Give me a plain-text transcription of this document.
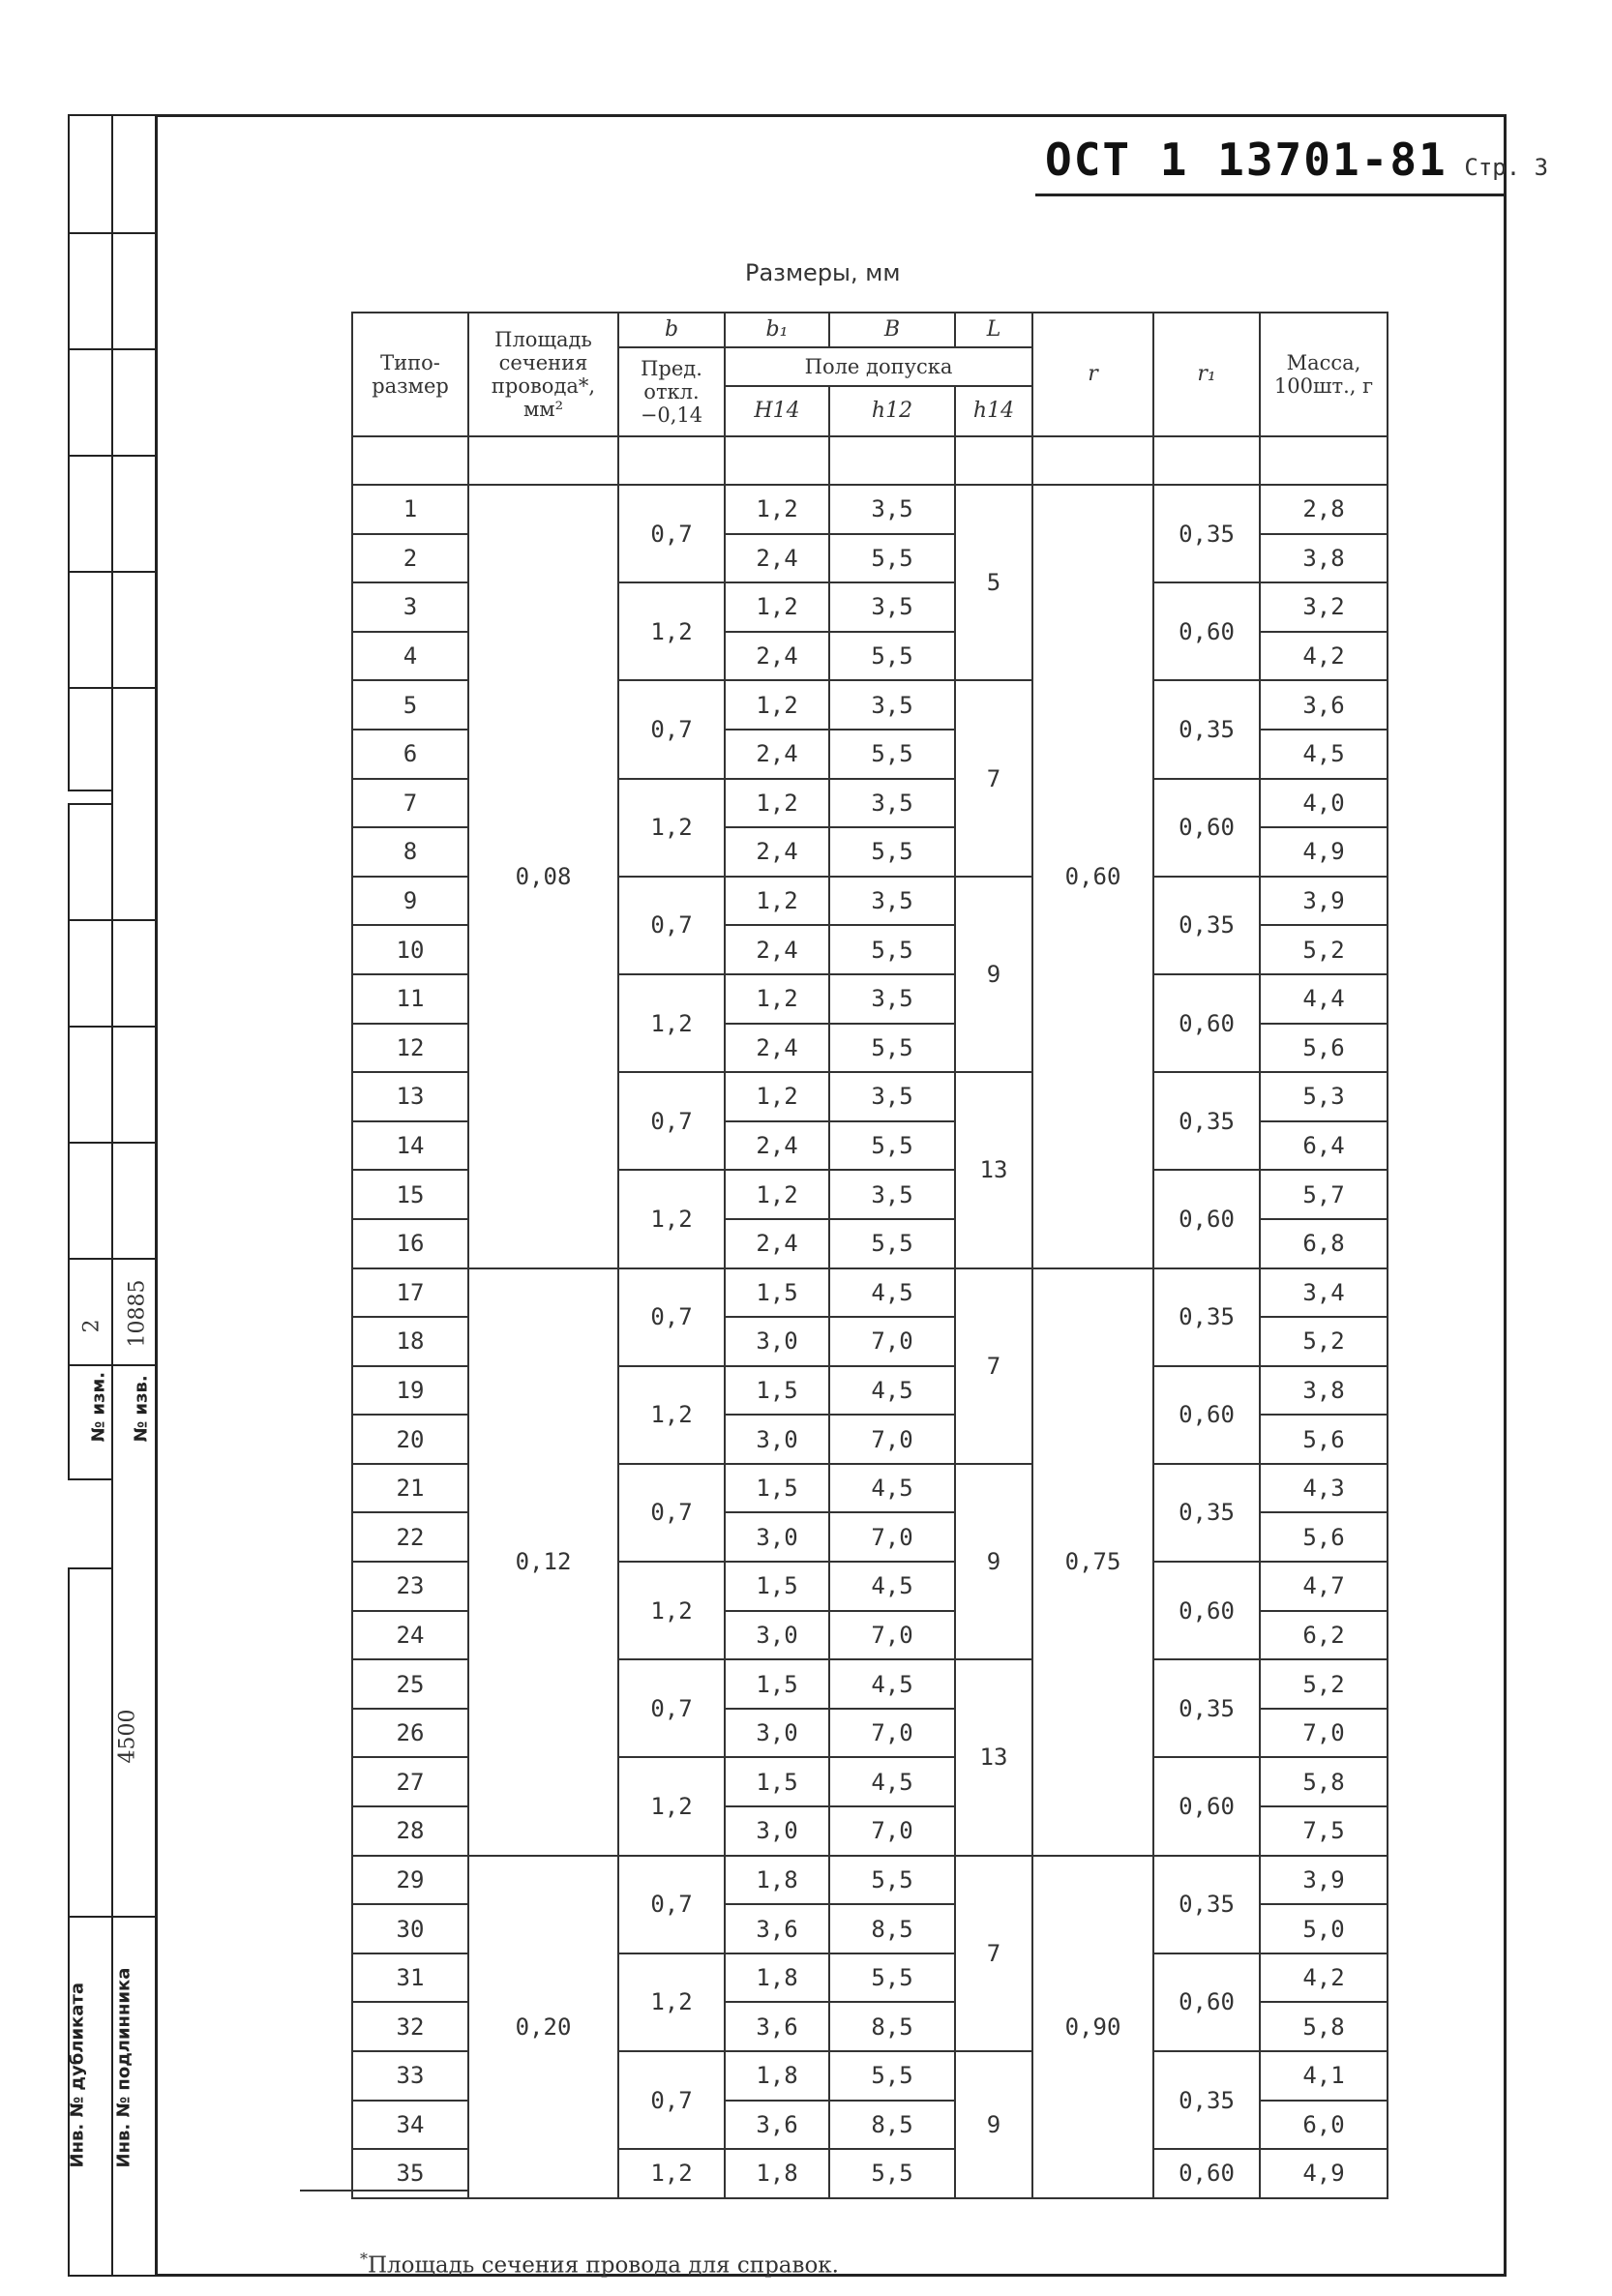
2 10885
№ изм. № изв.
4500
Инв. № дубликата Инв. № подлинника
ОСТ 1 13701-81 Стр. 3
Размеры, мм
Типо-размер	Площадь сечения провода*, мм²	b	b₁	B	L	r	r₁	Масса, 100шт., г
		Пред. откл. −0,14	Поле допуска					
			H14	h12	h14			

1	0,08	0,7	1,2	3,5	5	0,60	0,35	2,8
2			2,4	5,5				3,8
3		1,2	1,2	3,5			0,60	3,2
4			2,4	5,5				4,2
5		0,7	1,2	3,5	7		0,35	3,6
6			2,4	5,5				4,5
7		1,2	1,2	3,5			0,60	4,0
8			2,4	5,5				4,9
9		0,7	1,2	3,5	9		0,35	3,9
10			2,4	5,5				5,2
11		1,2	1,2	3,5			0,60	4,4
12			2,4	5,5				5,6
13		0,7	1,2	3,5	13		0,35	5,3
14			2,4	5,5				6,4
15		1,2	1,2	3,5			0,60	5,7
16			2,4	5,5				6,8
17	0,12	0,7	1,5	4,5	7	0,75	0,35	3,4
18			3,0	7,0				5,2
19		1,2	1,5	4,5			0,60	3,8
20			3,0	7,0				5,6
21		0,7	1,5	4,5	9		0,35	4,3
22			3,0	7,0				5,6
23		1,2	1,5	4,5			0,60	4,7
24			3,0	7,0				6,2
25		0,7	1,5	4,5	13		0,35	5,2
26			3,0	7,0				7,0
27		1,2	1,5	4,5			0,60	5,8
28			3,0	7,0				7,5
29	0,20	0,7	1,8	5,5	7	0,90	0,35	3,9
30			3,6	8,5				5,0
31		1,2	1,8	5,5			0,60	4,2
32			3,6	8,5				5,8
33		0,7	1,8	5,5	9		0,35	4,1
34			3,6	8,5				6,0
35		1,2	1,8	5,5			0,60	4,9
*Площадь сечения провода для справок.
